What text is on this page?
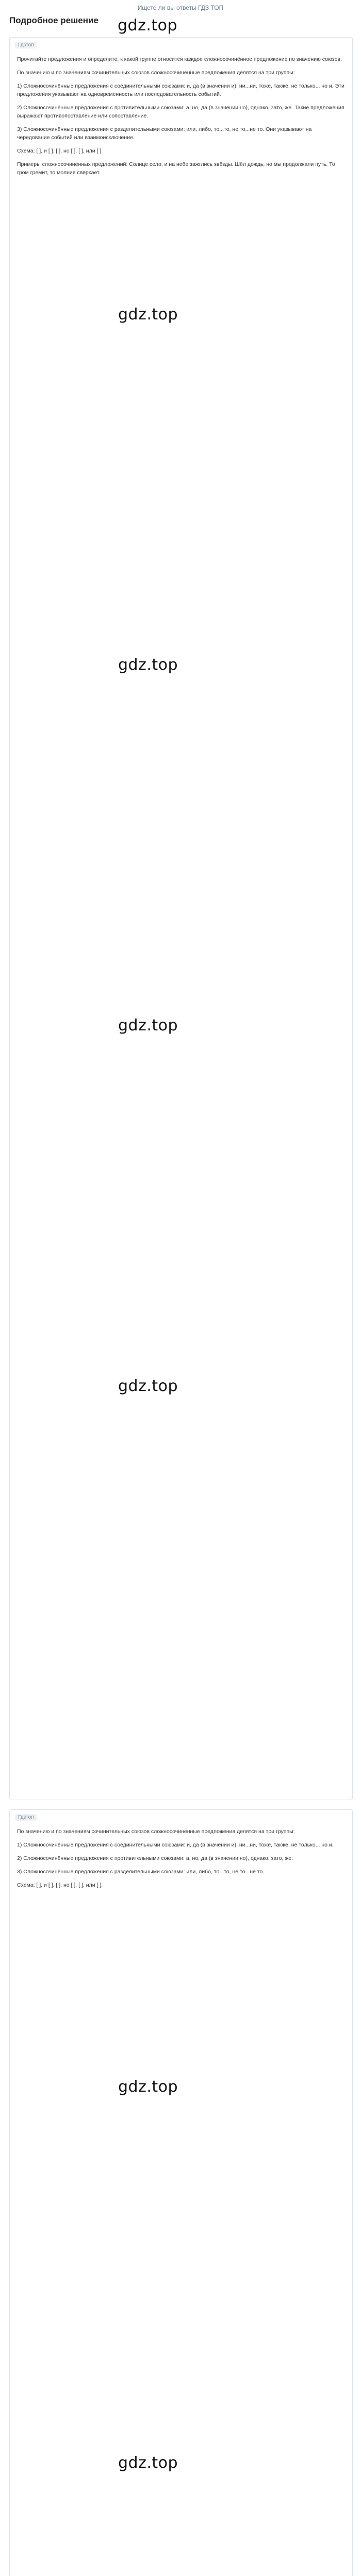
Ищете ли вы ответы ГДЗ ТОП
Подробное решение gdz.top
Гдзтоп

Прочитайте предложения и определите, к какой группе относится каждое сложносочинённое предложение по значению союзов.

По значению и по значениям сочинительных союзов сложносочинённые предложения делятся на три группы:

1) Сложносочинённые предложения с соединительными союзами: и, да (в значении и), ни...ни, тоже, также, не только... но и. Эти предложения указывают на одновременность или последовательность событий.

2) Сложносочинённые предложения с противительными союзами: а, но, да (в значении но), однако, зато, же. Такие предложения выражают противопоставление или сопоставление.

3) Сложносочинённые предложения с разделительными союзами: или, либо, то...то, не то...не то. Они указывают на чередование событий или взаимоисключение.

Схема: [ ], и [ ]. [ ], но [ ]. [ ], или [ ].

Примеры сложносочинённых предложений: Солнце село, и на небе зажглись звёзды. Шёл дождь, но мы продолжали путь. То гром гремит, то молния сверкает.

gdz.top
gdz.top
gdz.top
gdz.top
Гдзтоп

По значению и по значениям сочинительных союзов сложносочинённые предложения делятся на три группы:

1) Сложносочинённые предложения с соединительными союзами: и, да (в значении и), ни...ни, тоже, также, не только... но и.

2) Сложносочинённые предложения с противительными союзами: а, но, да (в значении но), однако, зато, же.

3) Сложносочинённые предложения с разделительными союзами: или, либо, то...то, не то...не то.

Схема: [ ], и [ ]. [ ], но [ ]. [ ], или [ ].

gdz.top
gdz.top
